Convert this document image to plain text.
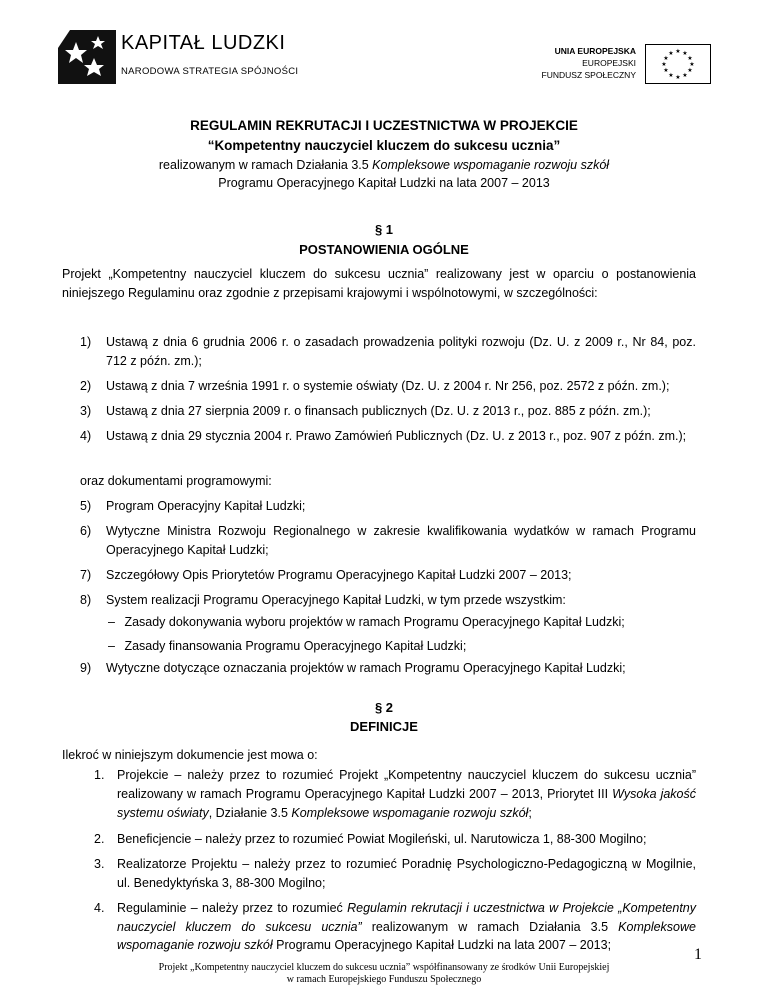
KAPITAŁ LUDZKI
NARODOWA STRATEGIA SPÓJNOŚCI
UNIA EUROPEJSKA
EUROPEJSKI
FUNDUSZ SPOŁECZNY
★ ★
★
★
★
★
★
★
★
★
★
★
REGULAMIN REKRUTACJI I UCZESTNICTWA W PROJEKCIE
“Kompetentny nauczyciel kluczem do sukcesu ucznia”
realizowanym w ramach Działania 3.5 Kompleksowe wspomaganie rozwoju szkół
Programu Operacyjnego Kapitał Ludzki na lata 2007 – 2013
§ 1
POSTANOWIENIA OGÓLNE
Projekt „Kompetentny nauczyciel kluczem do sukcesu ucznia” realizowany jest w oparciu o postanowienia niniejszego Regulaminu oraz zgodnie z przepisami krajowymi i wspólnotowymi, w szczególności:
1)	Ustawą z dnia 6 grudnia 2006 r. o zasadach prowadzenia polityki rozwoju (Dz. U. z 2009 r., Nr 84, poz. 712 z późn. zm.);
2)	Ustawą z dnia 7 września 1991 r. o systemie oświaty (Dz. U. z 2004 r. Nr 256, poz. 2572 z późn. zm.);
3)	Ustawą z dnia 27 sierpnia 2009 r. o finansach publicznych (Dz. U. z 2013 r., poz. 885 z późn. zm.);
4)	Ustawą z dnia 29 stycznia 2004 r. Prawo Zamówień Publicznych (Dz. U. z 2013 r., poz. 907 z późn. zm.);
oraz dokumentami programowymi:
5)	Program Operacyjny Kapitał Ludzki;
6)	Wytyczne Ministra Rozwoju Regionalnego w zakresie kwalifikowania wydatków w ramach Programu Operacyjnego Kapitał Ludzki;
7)	Szczegółowy Opis Priorytetów Programu Operacyjnego Kapitał Ludzki 2007 – 2013;
8)	System realizacji Programu Operacyjnego Kapitał Ludzki, w tym przede wszystkim:
– Zasady dokonywania wyboru projektów w ramach Programu Operacyjnego Kapitał Ludzki;
– Zasady finansowania Programu Operacyjnego Kapitał Ludzki;
9)	Wytyczne dotyczące oznaczania projektów w ramach Programu Operacyjnego Kapitał Ludzki;
§ 2
DEFINICJE
Ilekroć w niniejszym dokumencie jest mowa o:
1.	Projekcie – należy przez to rozumieć Projekt „Kompetentny nauczyciel kluczem do sukcesu ucznia” realizowany w ramach Programu Operacyjnego Kapitał Ludzki 2007 – 2013, Priorytet III Wysoka jakość systemu oświaty, Działanie 3.5 Kompleksowe wspomaganie rozwoju szkół;
2.	Beneficjencie – należy przez to rozumieć Powiat Mogileński, ul. Narutowicza 1, 88-300 Mogilno;
3.	Realizatorze Projektu – należy przez to rozumieć Poradnię Psychologiczno-Pedagogiczną w Mogilnie, ul. Benedyktyńska 3, 88-300 Mogilno;
4.	Regulaminie – należy przez to rozumieć Regulamin rekrutacji i uczestnictwa w Projekcie „Kompetentny nauczyciel kluczem do sukcesu ucznia” realizowanym w ramach Działania 3.5 Kompleksowe wspomaganie rozwoju szkół Programu Operacyjnego Kapitał Ludzki na lata 2007 – 2013;
1
Projekt „Kompetentny nauczyciel kluczem do sukcesu ucznia” współfinansowany ze środków Unii Europejskiej
w ramach Europejskiego Funduszu Społecznego
